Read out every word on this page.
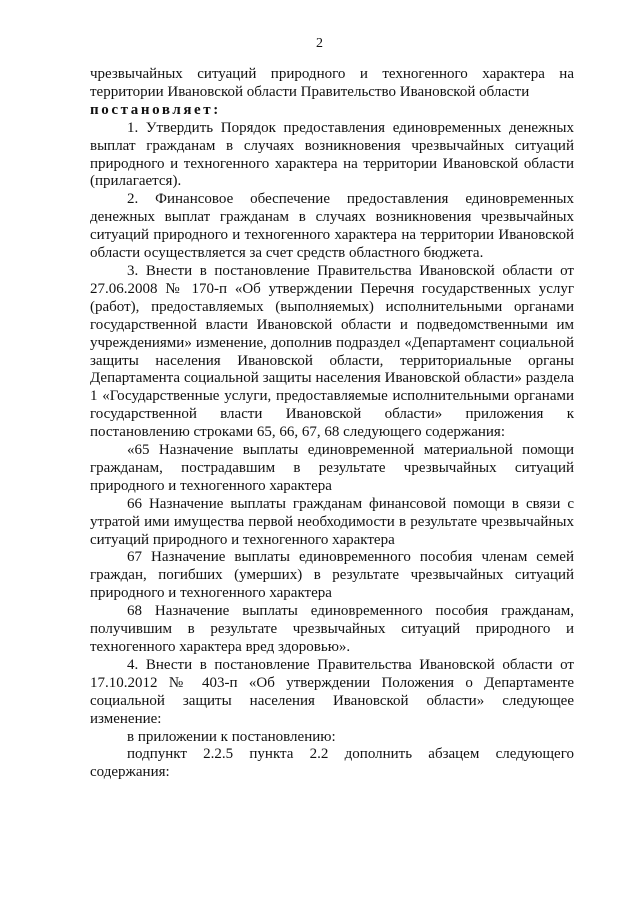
2

чрезвычайных ситуаций природного и техногенного характера на территории Ивановской области Правительство Ивановской области

постановляет:

1. Утвердить Порядок предоставления единовременных денежных выплат гражданам в случаях возникновения чрезвычайных ситуаций природного и техногенного характера на территории Ивановской области (прилагается).

2. Финансовое обеспечение предоставления единовременных денежных выплат гражданам в случаях возникновения чрезвычайных ситуаций природного и техногенного характера на территории Ивановской области осуществляется за счет средств областного бюджета.

3. Внести в постановление Правительства Ивановской области от 27.06.2008 № 170-п «Об утверждении Перечня государственных услуг (работ), предоставляемых (выполняемых) исполнительными органами государственной власти Ивановской области и подведомственными им учреждениями» изменение, дополнив подраздел «Департамент социальной защиты населения Ивановской области, территориальные органы Департамента социальной защиты населения Ивановской области» раздела 1 «Государственные услуги, предоставляемые исполнительными органами государственной власти Ивановской области» приложения к постановлению строками 65, 66, 67, 68 следующего содержания:

«65 Назначение выплаты единовременной материальной помощи гражданам, пострадавшим в результате чрезвычайных ситуаций природного и техногенного характера

66 Назначение выплаты гражданам финансовой помощи в связи с утратой ими имущества первой необходимости в результате чрезвычайных ситуаций природного и техногенного характера

67 Назначение выплаты единовременного пособия членам семей граждан, погибших (умерших) в результате чрезвычайных ситуаций природного и техногенного характера

68 Назначение выплаты единовременного пособия гражданам, получившим в результате чрезвычайных ситуаций природного и техногенного характера вред здоровью».

4. Внести в постановление Правительства Ивановской области от 17.10.2012 № 403-п «Об утверждении Положения о Департаменте социальной защиты населения Ивановской области» следующее изменение:

в приложении к постановлению:

подпункт 2.2.5 пункта 2.2 дополнить абзацем следующего содержания:
